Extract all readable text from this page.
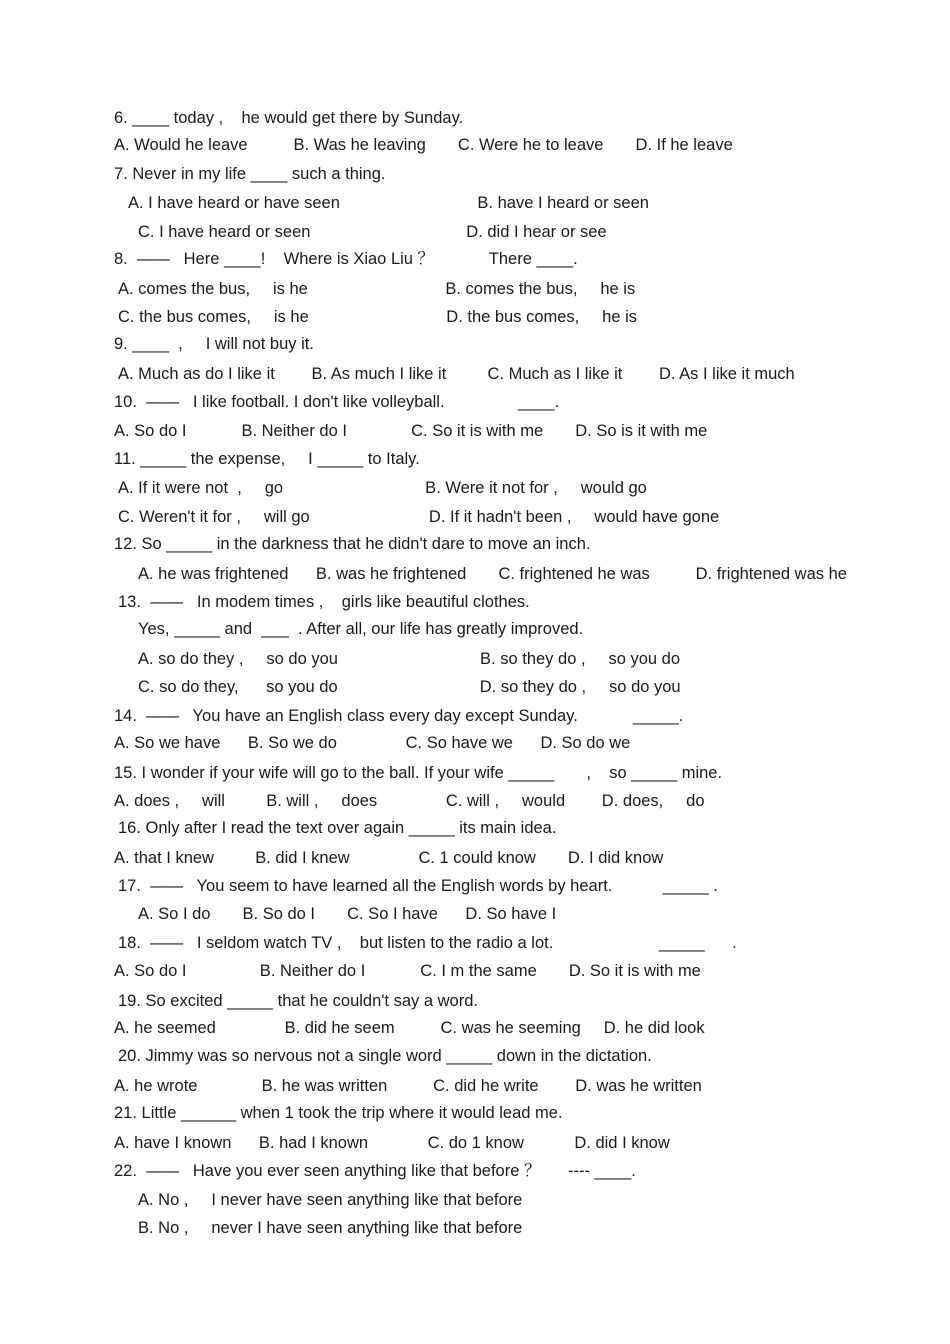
6. ____ today ,    he would get there by Sunday.
A. Would he leave          B. Was he leaving       C. Were he to leave       D. If he leave
7. Never in my life ____ such a thing.
A. I have heard or have seen                              B. have I heard or seen
C. I have heard or seen                                  D. did I hear or see
8.  ——   Here ____!    Where is Xiao Liu ？            There ____.
A. comes the bus,     is he                              B. comes the bus,     he is
C. the bus comes,     is he                              D. the bus comes,     he is
9. ____  ,     I will not buy it.
A. Much as do I like it        B. As much I like it         C. Much as I like it        D. As I like it much
10.  ——   I like football. I don't like volleyball.                ____.
A. So do I            B. Neither do I              C. So it is with me       D. So is it with me
11. _____ the expense,     I _____ to Italy.
A. If it were not  ,     go                               B. Were it not for ,     would go
C. Weren't it for ,     will go                          D. If it hadn't been ,     would have gone
12. So _____ in the darkness that he didn't dare to move an inch.
A. he was frightened      B. was he frightened       C. frightened he was          D. frightened was he
13.  ——   In modem times ,    girls like beautiful clothes.
Yes, _____ and  ___  . After all, our life has greatly improved.
A. so do they ,     so do you                               B. so they do ,     so you do
C. so do they,      so you do                               D. so they do ,     so do you
14.  ——   You have an English class every day except Sunday.            _____.
A. So we have      B. So we do               C. So have we      D. So do we
15. I wonder if your wife will go to the ball. If your wife _____       ,    so _____ mine.
A. does ,     will         B. will ,     does               C. will ,     would        D. does,     do
16. Only after I read the text over again _____ its main idea.
A. that I knew         B. did I knew               C. 1 could know       D. I did know
17.  ——   You seem to have learned all the English words by heart.           _____ .
A. So I do       B. So do I       C. So I have      D. So have I
18.  ——   I seldom watch TV ,    but listen to the radio a lot.                       _____      .
A. So do I                B. Neither do I            C. I m the same       D. So it is with me
19. So excited _____ that he couldn't say a word.
A. he seemed               B. did he seem          C. was he seeming     D. he did look
20. Jimmy was so nervous not a single word _____ down in the dictation.
A. he wrote              B. he was written          C. did he write        D. was he written
21. Little ______ when 1 took the trip where it would lead me.
A. have I known      B. had I known             C. do 1 know           D. did I know
22.  ——   Have you ever seen anything like that before ？      ---- ____.
A. No ,     I never have seen anything like that before
B. No ,     never I have seen anything like that before
